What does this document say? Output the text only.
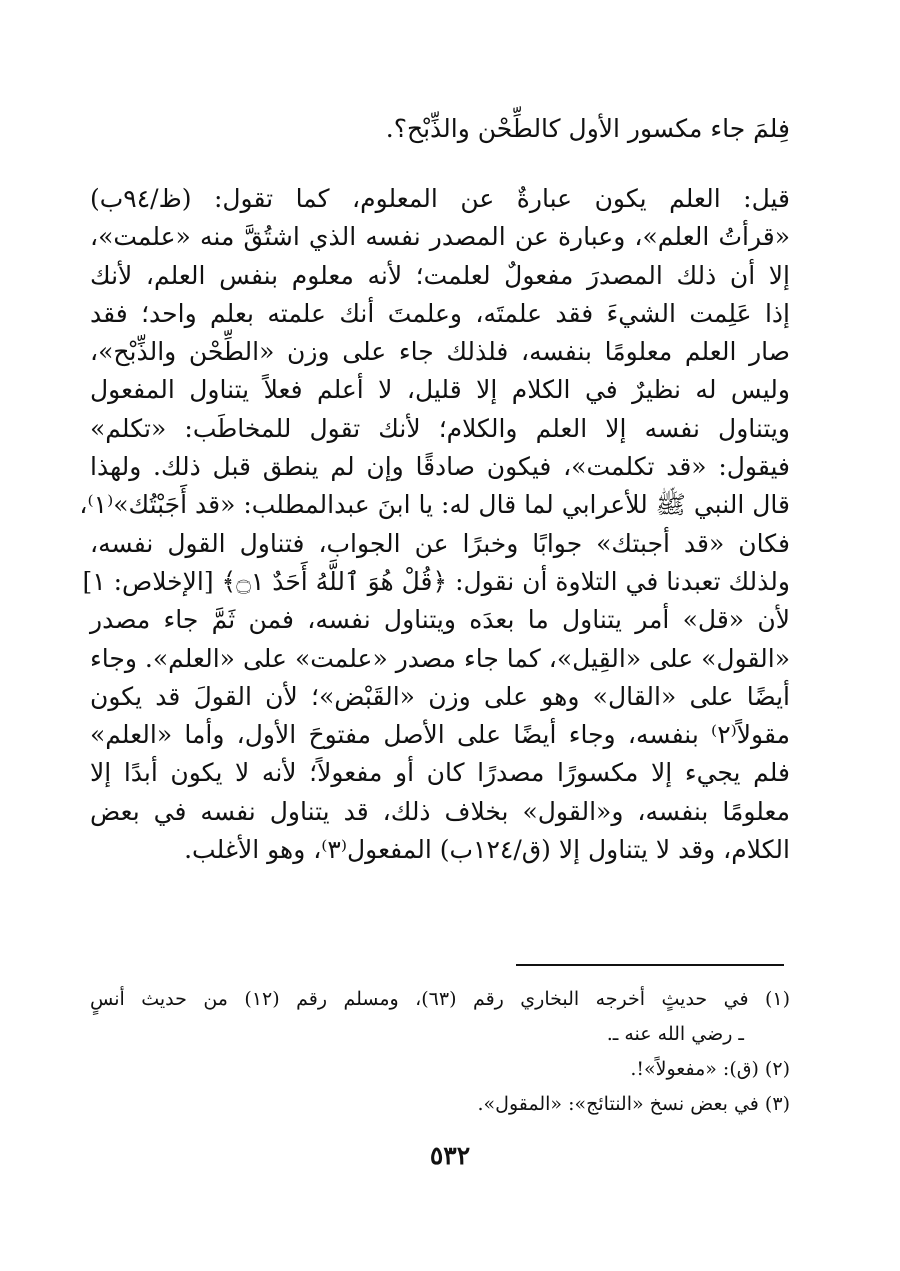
فِلمَ جاء مكسور الأول كالطِّحْن والذِّبْح؟.
قيل: العلم يكون عبارةٌ عن المعلوم، كما تقول: (ظ/٩٤ب)
«قرأتُ العلم»، وعبارة عن المصدر نفسه الذي اشتُقَّ منه «علمت»،
إلا أن ذلك المصدرَ مفعولٌ لعلمت؛ لأنه معلوم بنفس العلم، لأنك
إذا عَلِمت الشيءَ فقد علمتَه، وعلمتَ أنك علمته بعلم واحد؛ فقد
صار العلم معلومًا بنفسه، فلذلك جاء على وزن «الطِّحْن والذِّبْح»،
وليس له نظيرٌ في الكلام إلا قليل، لا أعلم فعلاً يتناول المفعول
ويتناول نفسه إلا العلم والكلام؛ لأنك تقول للمخاطَب: «تكلم»
فيقول: «قد تكلمت»، فيكون صادقًا وإن لم ينطق قبل ذلك. ولهذا
قال النبي ﷺ للأعرابي لما قال له: يا ابنَ عبدالمطلب: «قد أَجَبْتُك»⁽١⁾،
فكان «قد أجبتك» جوابًا وخبرًا عن الجواب، فتناول القول نفسه،
ولذلك تعبدنا في التلاوة أن نقول: ﴿قُلْ هُوَ ٱللَّهُ أَحَدٌ ۝١﴾ [الإخلاص: ١]
لأن «قل» أمر يتناول ما بعدَه ويتناول نفسه، فمن ثَمَّ جاء مصدر
«القول» على «القِيل»، كما جاء مصدر «علمت» على «العلم». وجاء
أيضًا على «القال» وهو على وزن «القَبْض»؛ لأن القولَ قد يكون
مقولاً⁽٢⁾ بنفسه، وجاء أيضًا على الأصل مفتوحَ الأول، وأما «العلم»
فلم يجيء إلا مكسورًا مصدرًا كان أو مفعولاً؛ لأنه لا يكون أبدًا إلا
معلومًا بنفسه، و«القول» بخلاف ذلك، قد يتناول نفسه في بعض
الكلام، وقد لا يتناول إلا (ق/١٢٤ب) المفعول⁽٣⁾، وهو الأغلب.
(١) في حديثٍ أخرجه البخاري رقم (٦٣)، ومسلم رقم (١٢) من حديث أنسٍ
ـ رضي الله عنه ـ.
(٢) (ق): «مفعولاً»!.
(٣) في بعض نسخ «النتائج»: «المقول».
٥٣٢
